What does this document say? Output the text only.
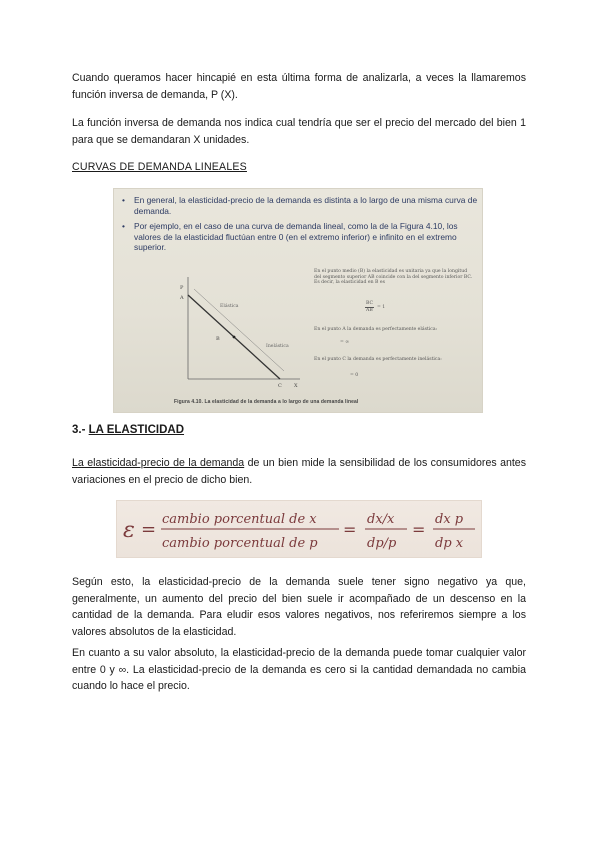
Cuando queramos hacer hincapié en esta última forma de analizarla, a veces la llamaremos función inversa de demanda, P (X).

La función inversa de demanda nos indica cual tendría que ser el precio del mercado del bien 1 para que se demandaran X unidades.

CURVAS DE DEMANDA LINEALES
• En general, la elasticidad-precio de la demanda es distinta a lo largo de una misma curva de demanda.
• Por ejemplo, en el caso de una curva de demanda lineal, como la de la Figura 4.10, los valores de la elasticidad fluctúan entre 0 (en el extremo inferior) e infinito en el extremo superior.
P
A
B
C X
Elástica
Inelástica
En el punto medio (B) la elasticidad es unitaria ya que la longitud del segmento superior AB coincide con la del segmento inferior BC. Es decir, la elasticidad en B es
BC
AB
= 1
En el punto A la demanda es perfectamente elástica:
= ∞
En el punto C la demanda es perfectamente inelástica:
= 0
Figura 4.10. La elasticidad de la demanda a lo largo de una demanda lineal
3.- LA ELASTICIDAD

La elasticidad-precio de la demanda de un bien mide la sensibilidad de los consumidores antes variaciones en el precio de dicho bien.

ε = cambio porcentual de x
cambio porcentual de p
=
dx/x
dp/p
=
dx p
dp x

Según esto, la elasticidad-precio de la demanda suele tener signo negativo ya que, generalmente, un aumento del precio del bien suele ir acompañado de un descenso en la cantidad de la demanda. Para eludir esos valores negativos, nos referiremos siempre a los valores absolutos de la elasticidad.

En cuanto a su valor absoluto, la elasticidad-precio de la demanda puede tomar cualquier valor entre 0 y ∞. La elasticidad-precio de la demanda es cero si la cantidad demandada no cambia cuando lo hace el precio.
